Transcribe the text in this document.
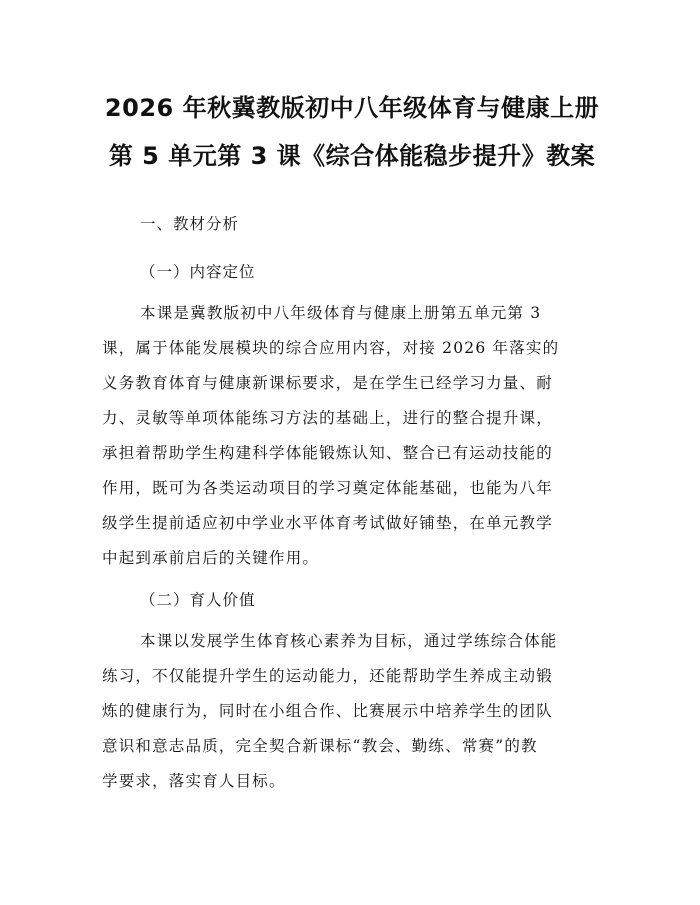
2026 年秋冀教版初中八年级体育与健康上册

第 5 单元第 3 课《综合体能稳步提升》教案

一、教材分析

（一）内容定位

本课是冀教版初中八年级体育与健康上册第五单元第 3
课，属于体能发展模块的综合应用内容，对接 2026 年落实的
义务教育体育与健康新课标要求，是在学生已经学习力量、耐
力、灵敏等单项体能练习方法的基础上，进行的整合提升课，
承担着帮助学生构建科学体能锻炼认知、整合已有运动技能的
作用，既可为各类运动项目的学习奠定体能基础，也能为八年
级学生提前适应初中学业水平体育考试做好铺垫，在单元教学
中起到承前启后的关键作用。

（二）育人价值

本课以发展学生体育核心素养为目标，通过学练综合体能
练习，不仅能提升学生的运动能力，还能帮助学生养成主动锻
炼的健康行为，同时在小组合作、比赛展示中培养学生的团队
意识和意志品质，完全契合新课标“教会、勤练、常赛”的教
学要求，落实育人目标。
